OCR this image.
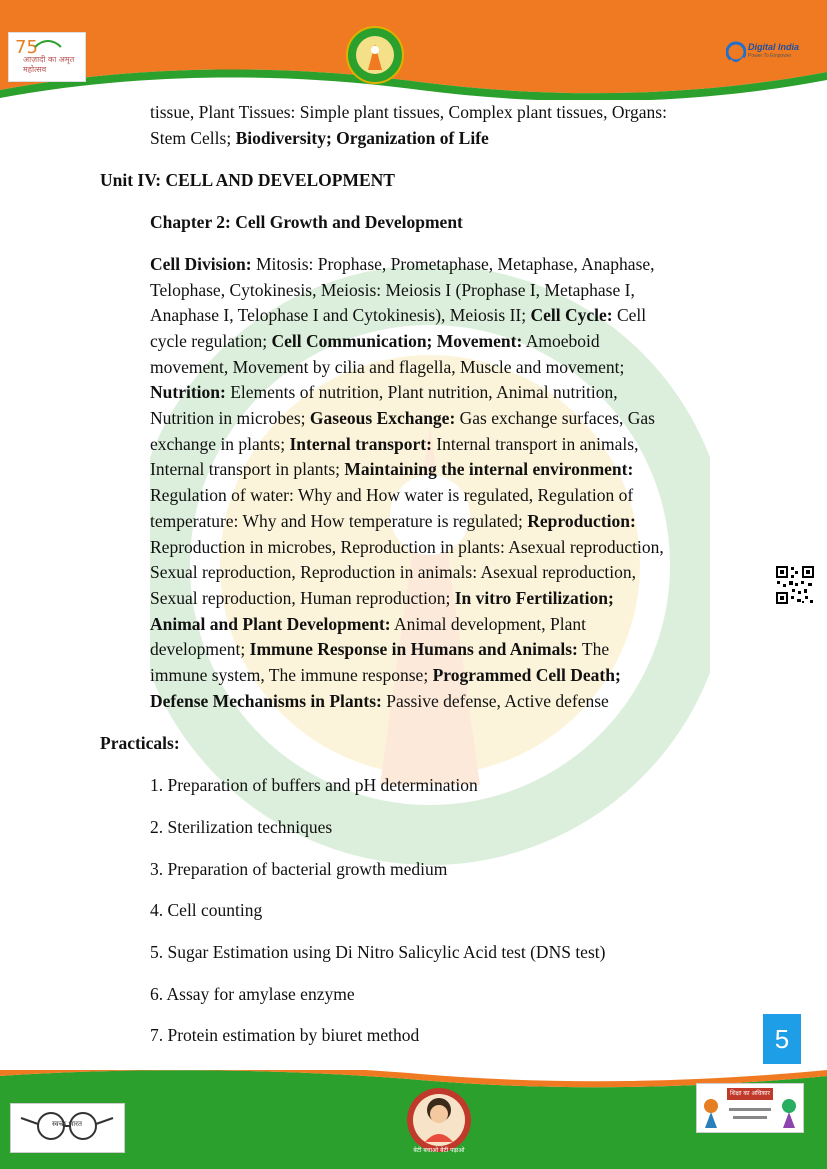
75
आज़ादी का अमृत महोत्सव
Digital India
Power To Empower
tissue, Plant Tissues: Simple plant tissues, Complex plant tissues, Organs:
Stem Cells; Biodiversity; Organization of Life
Unit IV: CELL AND DEVELOPMENT
Chapter 2: Cell Growth and Development
Cell Division: Mitosis: Prophase, Prometaphase, Metaphase, Anaphase,
Telophase, Cytokinesis, Meiosis: Meiosis I (Prophase I, Metaphase I,
Anaphase I, Telophase I and Cytokinesis), Meiosis II; Cell Cycle: Cell
cycle regulation; Cell Communication; Movement: Amoeboid
movement, Movement by cilia and flagella, Muscle and movement;
Nutrition: Elements of nutrition, Plant nutrition, Animal nutrition,
Nutrition in microbes; Gaseous Exchange: Gas exchange surfaces, Gas
exchange in plants; Internal transport: Internal transport in animals,
Internal transport in plants; Maintaining the internal environment:
Regulation of water: Why and How water is regulated, Regulation of
temperature: Why and How temperature is regulated; Reproduction:
Reproduction in microbes, Reproduction in plants: Asexual reproduction,
Sexual reproduction, Reproduction in animals: Asexual reproduction,
Sexual reproduction, Human reproduction; In vitro Fertilization;
Animal and Plant Development: Animal development, Plant
development; Immune Response in Humans and Animals: The
immune system, The immune response; Programmed Cell Death;
Defense Mechanisms in Plants: Passive defense, Active defense
Practicals:
1. Preparation of buffers and pH determination
2. Sterilization techniques
3. Preparation of bacterial growth medium
4. Cell counting
5. Sugar Estimation using Di Nitro Salicylic Acid test (DNS test)
6. Assay for amylase enzyme
7. Protein estimation by biuret method	5
स्वच्छ भारत
बेटी बचाओ बेटी पढ़ाओ
शिक्षा का अधिकार
